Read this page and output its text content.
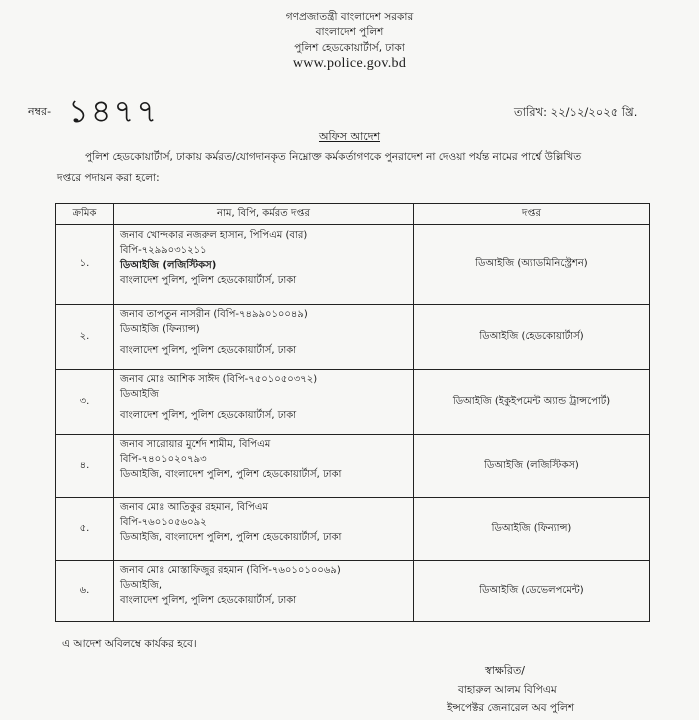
গণপ্রজাতন্ত্রী বাংলাদেশ সরকার
বাংলাদেশ পুলিশ
পুলিশ হেডকোয়ার্টার্স, ঢাকা
www.police.gov.bd
নম্বর- ১৪৭৭	তারিখ: ২২/১২/২০২৫ খ্রি.
অফিস আদেশ
পুলিশ হেডকোয়ার্টার্স, ঢাকায় কর্মরত/যোগদানকৃত নিম্নোক্ত কর্মকর্তাগণকে পুনরাদেশ না দেওয়া পর্যন্ত নামের পার্শ্বে উল্লিখিত
দপ্তরে পদায়ন করা হলো:
ক্রমিক	নাম, বিপি, কর্মরত দপ্তর	দপ্তর
১.	জনাব খোন্দকার নজরুল হাসান, পিপিএম (বার)
বিপি-৭২৯৯০৩১২১১
ডিআইজি (লজিস্টিকস)
বাংলাদেশ পুলিশ, পুলিশ হেডকোয়ার্টার্স, ঢাকা	ডিআইজি (অ্যাডমিনিস্ট্রেশন)
২.	জনাব তাপতুন নাসরীন (বিপি-৭৪৯৯০১০০৪৯)
ডিআইজি (ফিন্যান্স)
বাংলাদেশ পুলিশ, পুলিশ হেডকোয়ার্টার্স, ঢাকা	ডিআইজি (হেডকোয়ার্টার্স)
৩.	জনাব মোঃ আশিক সাঈদ (বিপি-৭৫০১০৫০৩৭২)
ডিআইজি
বাংলাদেশ পুলিশ, পুলিশ হেডকোয়ার্টার্স, ঢাকা	ডিআইজি (ইকুইপমেন্ট অ্যান্ড ট্রান্সপোর্ট)
৪.	জনাব সারোয়ার মুর্শেদ শামীম, বিপিএম
বিপি-৭৪০১০২০৭৯৩
ডিআইজি, বাংলাদেশ পুলিশ, পুলিশ হেডকোয়ার্টার্স, ঢাকা	ডিআইজি (লজিস্টিকস)
৫.	জনাব মোঃ আতিকুর রহমান, বিপিএম
বিপি-৭৬০১০৫৬০৯২
ডিআইজি, বাংলাদেশ পুলিশ, পুলিশ হেডকোয়ার্টার্স, ঢাকা	ডিআইজি (ফিন্যান্স)
৬.	জনাব মোঃ মোস্তাফিজুর রহমান (বিপি-৭৬০১০১০০৬৯)
ডিআইজি,
বাংলাদেশ পুলিশ, পুলিশ হেডকোয়ার্টার্স, ঢাকা	ডিআইজি (ডেভেলপমেন্ট)
এ আদেশ অবিলম্বে কার্যকর হবে।
স্বাক্ষরিত/
বাহারুল আলম বিপিএম
ইন্সপেক্টর জেনারেল অব পুলিশ
